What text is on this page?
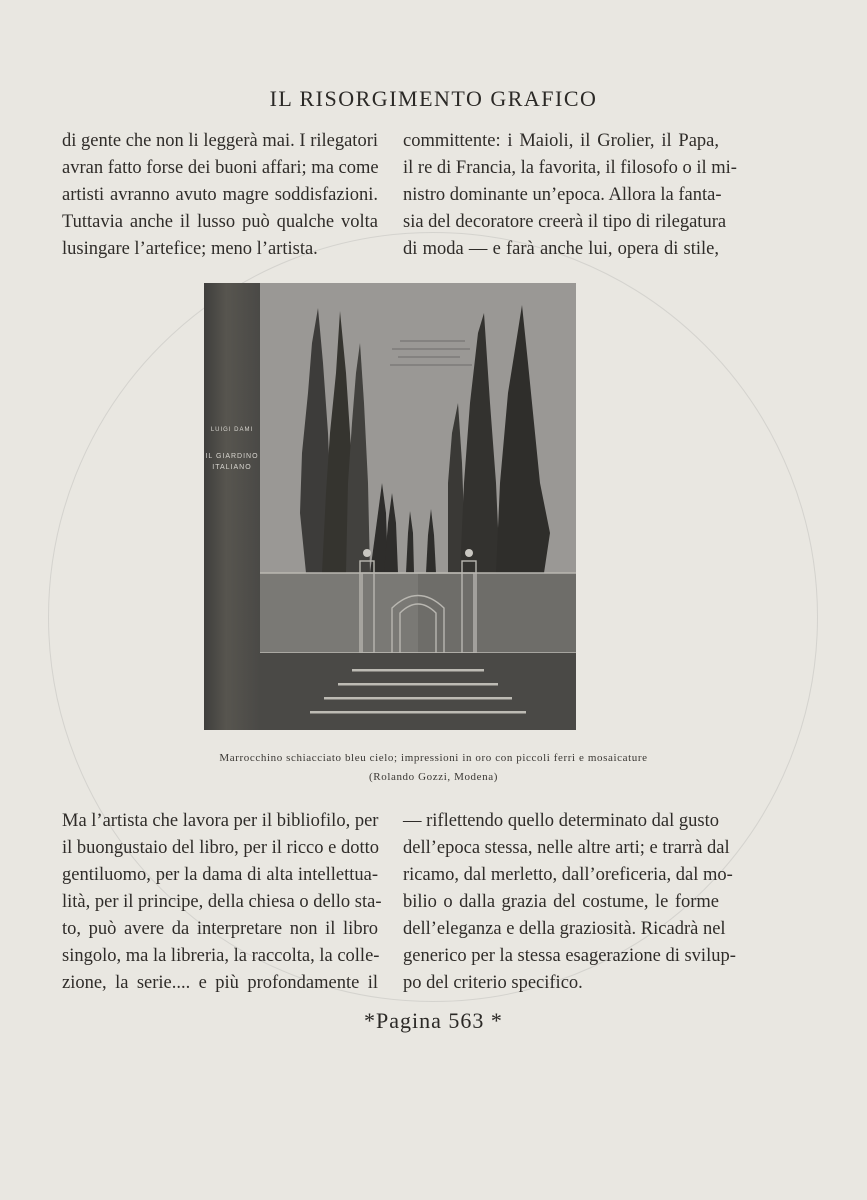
IL RISORGIMENTO GRAFICO
di gente che non li leggerà mai. I rilegatori
avran fatto forse dei buoni affari; ma come
artisti avranno avuto magre soddisfazioni.
Tuttavia anche il lusso può qualche volta
lusingare l’artefice; meno l’artista.
committente: i Maioli, il Grolier, il Papa,
il re di Francia, la favorita, il filosofo o il mi-
nistro dominante un’epoca. Allora la fanta-
sia del decoratore creerà il tipo di rilegatura
di moda — e farà anche lui, opera di stile,
LUIGI DAMI
IL GIARDINO
ITALIANO
Marrocchino schiacciato bleu cielo; impressioni in oro con piccoli ferri e mosaicature
(Rolando Gozzi, Modena)
Ma l’artista che lavora per il bibliofilo, per
il buongustaio del libro, per il ricco e dotto
gentiluomo, per la dama di alta intellettua-
lità, per il principe, della chiesa o dello sta-
to, può avere da interpretare non il libro
singolo, ma la libreria, la raccolta, la colle-
zione, la serie.... e più profondamente il
— riflettendo quello determinato dal gusto
dell’epoca stessa, nelle altre arti; e trarrà dal
ricamo, dal merletto, dall’oreficeria, dal mo-
bilio o dalla grazia del costume, le forme
dell’eleganza e della graziosità. Ricadrà nel
generico per la stessa esagerazione di svilup-
po del criterio specifico.
*Pagina 563 *
